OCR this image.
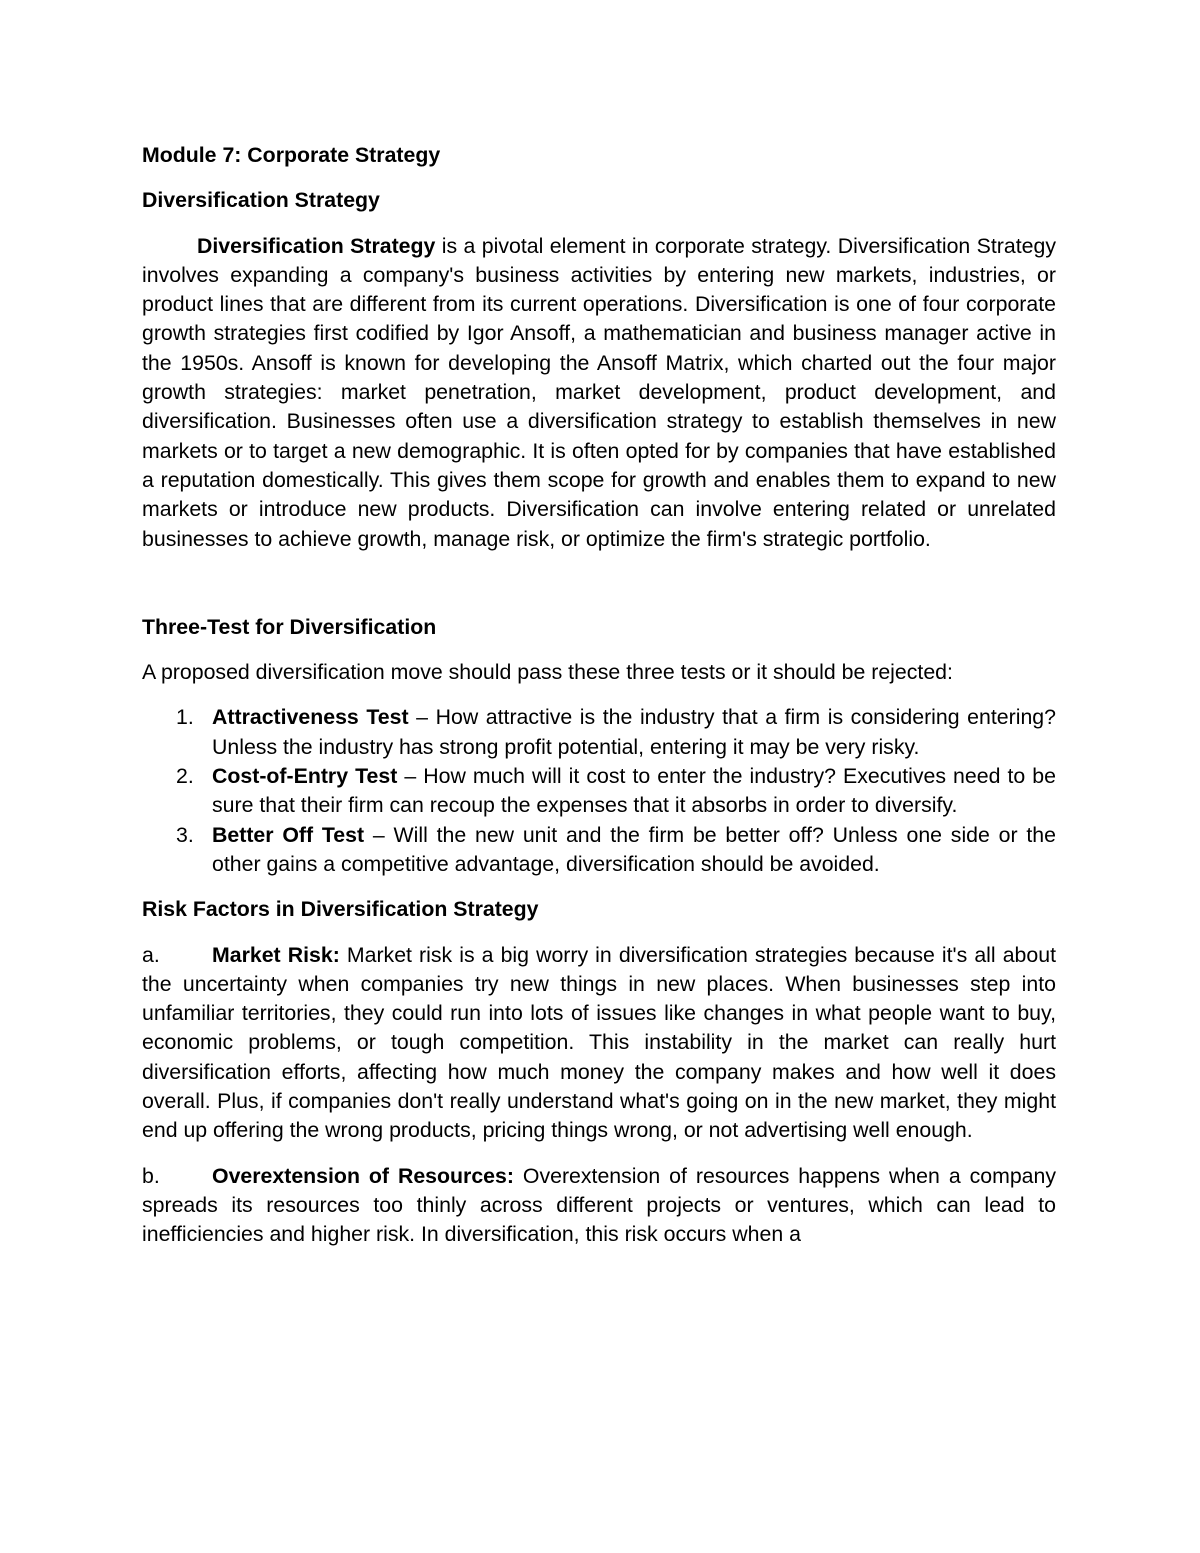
Module 7: Corporate Strategy

Diversification Strategy

Diversification Strategy is a pivotal element in corporate strategy. Diversification Strategy involves expanding a company's business activities by entering new markets, industries, or product lines that are different from its current operations. Diversification is one of four corporate growth strategies first codified by Igor Ansoff, a mathematician and business manager active in the 1950s. Ansoff is known for developing the Ansoff Matrix, which charted out the four major growth strategies: market penetration, market development, product development, and diversification. Businesses often use a diversification strategy to establish themselves in new markets or to target a new demographic. It is often opted for by companies that have established a reputation domestically. This gives them scope for growth and enables them to expand to new markets or introduce new products. Diversification can involve entering related or unrelated businesses to achieve growth, manage risk, or optimize the firm's strategic portfolio.

Three-Test for Diversification

A proposed diversification move should pass these three tests or it should be rejected:

1. Attractiveness Test – How attractive is the industry that a firm is considering entering? Unless the industry has strong profit potential, entering it may be very risky.
2. Cost-of-Entry Test – How much will it cost to enter the industry? Executives need to be sure that their firm can recoup the expenses that it absorbs in order to diversify.
3. Better Off Test – Will the new unit and the firm be better off? Unless one side or the other gains a competitive advantage, diversification should be avoided.

Risk Factors in Diversification Strategy

a. Market Risk: Market risk is a big worry in diversification strategies because it's all about the uncertainty when companies try new things in new places. When businesses step into unfamiliar territories, they could run into lots of issues like changes in what people want to buy, economic problems, or tough competition. This instability in the market can really hurt diversification efforts, affecting how much money the company makes and how well it does overall. Plus, if companies don't really understand what's going on in the new market, they might end up offering the wrong products, pricing things wrong, or not advertising well enough.

b. Overextension of Resources: Overextension of resources happens when a company spreads its resources too thinly across different projects or ventures, which can lead to inefficiencies and higher risk. In diversification, this risk occurs when a
